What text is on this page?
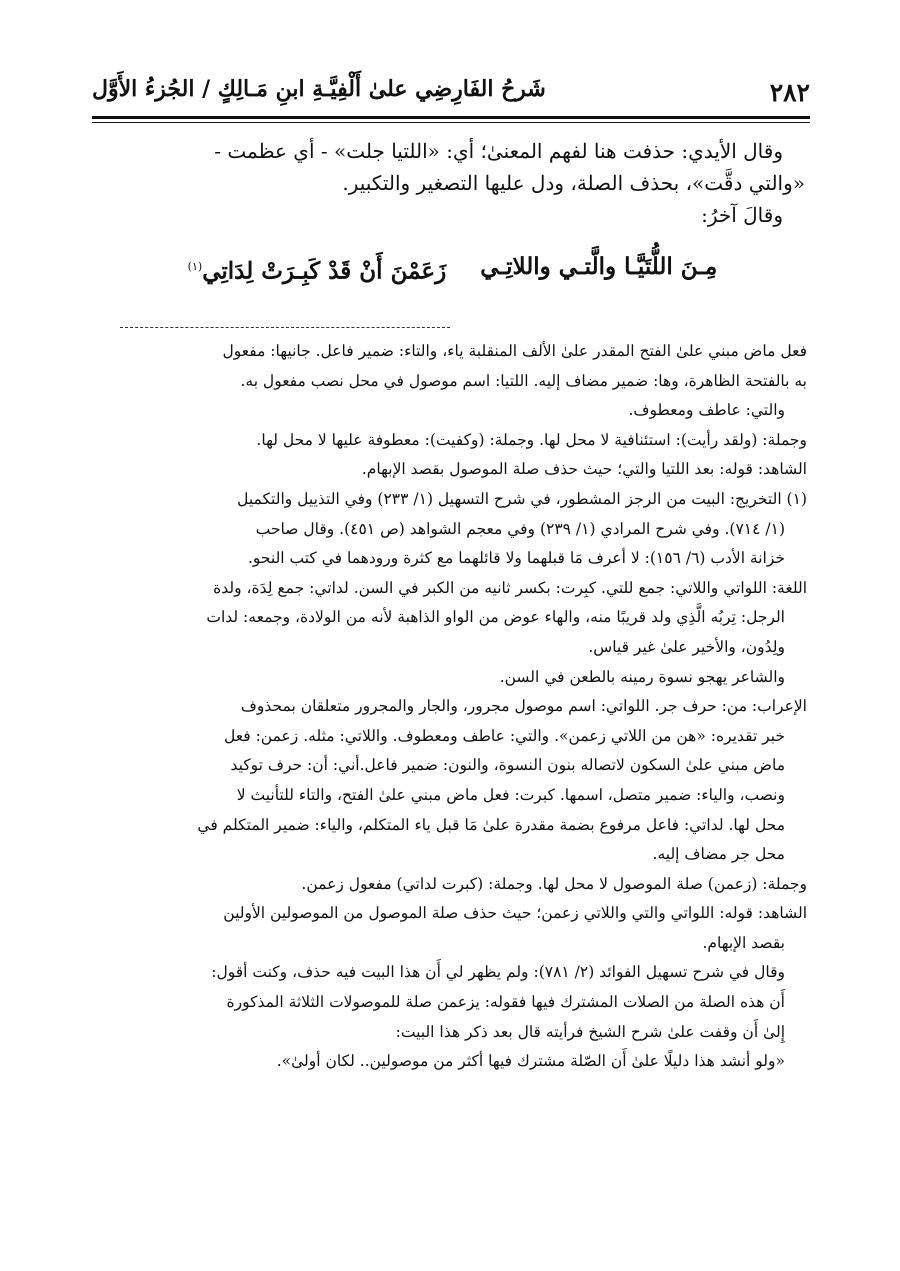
٢٨٢
شَرحُ الفَارِضِي علىٰ أَلْفِيَّـةِ ابنِ مَـالِكٍ / الجُزءُ الأَوَّل

وقال الأيدي: حذفت هنا لفهم المعنىٰ؛ أي: «اللتيا جلت» - أي عظمت -

«والتي دقَّت»، بحذف الصلة، ودل عليها التصغير والتكبير.

وقالَ آخرُ:

مِـنَ اللُّتَيَّـا والَّتـي واللاتِـي
زَعَمْنَ أَنْ قَدْ كَبِـرَتْ لِدَاتِي$^{(١)}$

فعل ماض مبني علىٰ الفتح المقدر علىٰ الألف المنقلبة ياء، والتاء: ضمير فاعل. جانيها: مفعول

به بالفتحة الظاهرة، وها: ضمير مضاف إليه. اللتيا: اسم موصول في محل نصب مفعول به.

والتي: عاطف ومعطوف.

وجملة: (ولقد رأيت): استئنافية لا محل لها. وجملة: (وكفيت): معطوفة عليها لا محل لها.

الشاهد: قوله: بعد اللتيا والتي؛ حيث حذف صلة الموصول بقصد الإبهام.

(١) التخريج: البيت من الرجز المشطور، في شرح التسهيل (١/ ٢٣٣) وفي التذييل والتكميل

(١/ ٧١٤). وفي شرح المرادي (١/ ٢٣٩) وفي معجم الشواهد (ص ٤٥١). وقال صاحب

خزانة الأدب (٦/ ١٥٦): لا أعرف مَا قبلهما ولا قائلهما مع كثرة ورودهما في كتب النحو.

اللغة: اللواتي واللاتي: جمع للتي. كبِرت: بكسر ثانيه من الكبر في السن. لداتي: جمع لِدَة، ولدة

الرجل: تِربُه الَّذِي ولد قريبًا منه، والهاء عوض من الواو الذاهبة لأنه من الولادة، وجمعه: لدات

ولِدُون، والأخير علىٰ غير قياس.

والشاعر يهجو نسوة رمينه بالطعن في السن.

الإعراب: من: حرف جر. اللواتي: اسم موصول مجرور، والجار والمجرور متعلقان بمحذوف

خبر تقديره: «هن من اللاتي زعمن». والتي: عاطف ومعطوف. واللاتي: مثله. زعمن: فعل

ماض مبني علىٰ السكون لاتصاله بنون النسوة، والنون: ضمير فاعل.أني: أن: حرف توكيد

ونصب، والياء: ضمير متصل، اسمها. كبرت: فعل ماض مبني علىٰ الفتح، والتاء للتأنيث لا

محل لها. لداتي: فاعل مرفوع بضمة مقدرة علىٰ مَا قبل ياء المتكلم، والياء: ضمير المتكلم في

محل جر مضاف إليه.

وجملة: (زعمن) صلة الموصول لا محل لها. وجملة: (كبرت لداتي) مفعول زعمن.

الشاهد: قوله: اللواتي والتي واللاتي زعمن؛ حيث حذف صلة الموصول من الموصولين الأولين

بقصد الإبهام.

وقال في شرح تسهيل الفوائد (٢/ ٧٨١): ولم يظهر لي أَن هذا البيت فيه حذف، وكنت أقول:

أَن هذه الصلة من الصلات المشترك فيها فقوله: يزعمن صلة للموصولات الثلاثة المذكورة

إِلىٰ أَن وقفت علىٰ شرح الشيخ فرأيته قال بعد ذكر هذا البيت:

«ولو أنشد هذا دليلًا علىٰ أَن الصّلة مشترك فيها أكثر من موصولين.. لكان أولىٰ».
